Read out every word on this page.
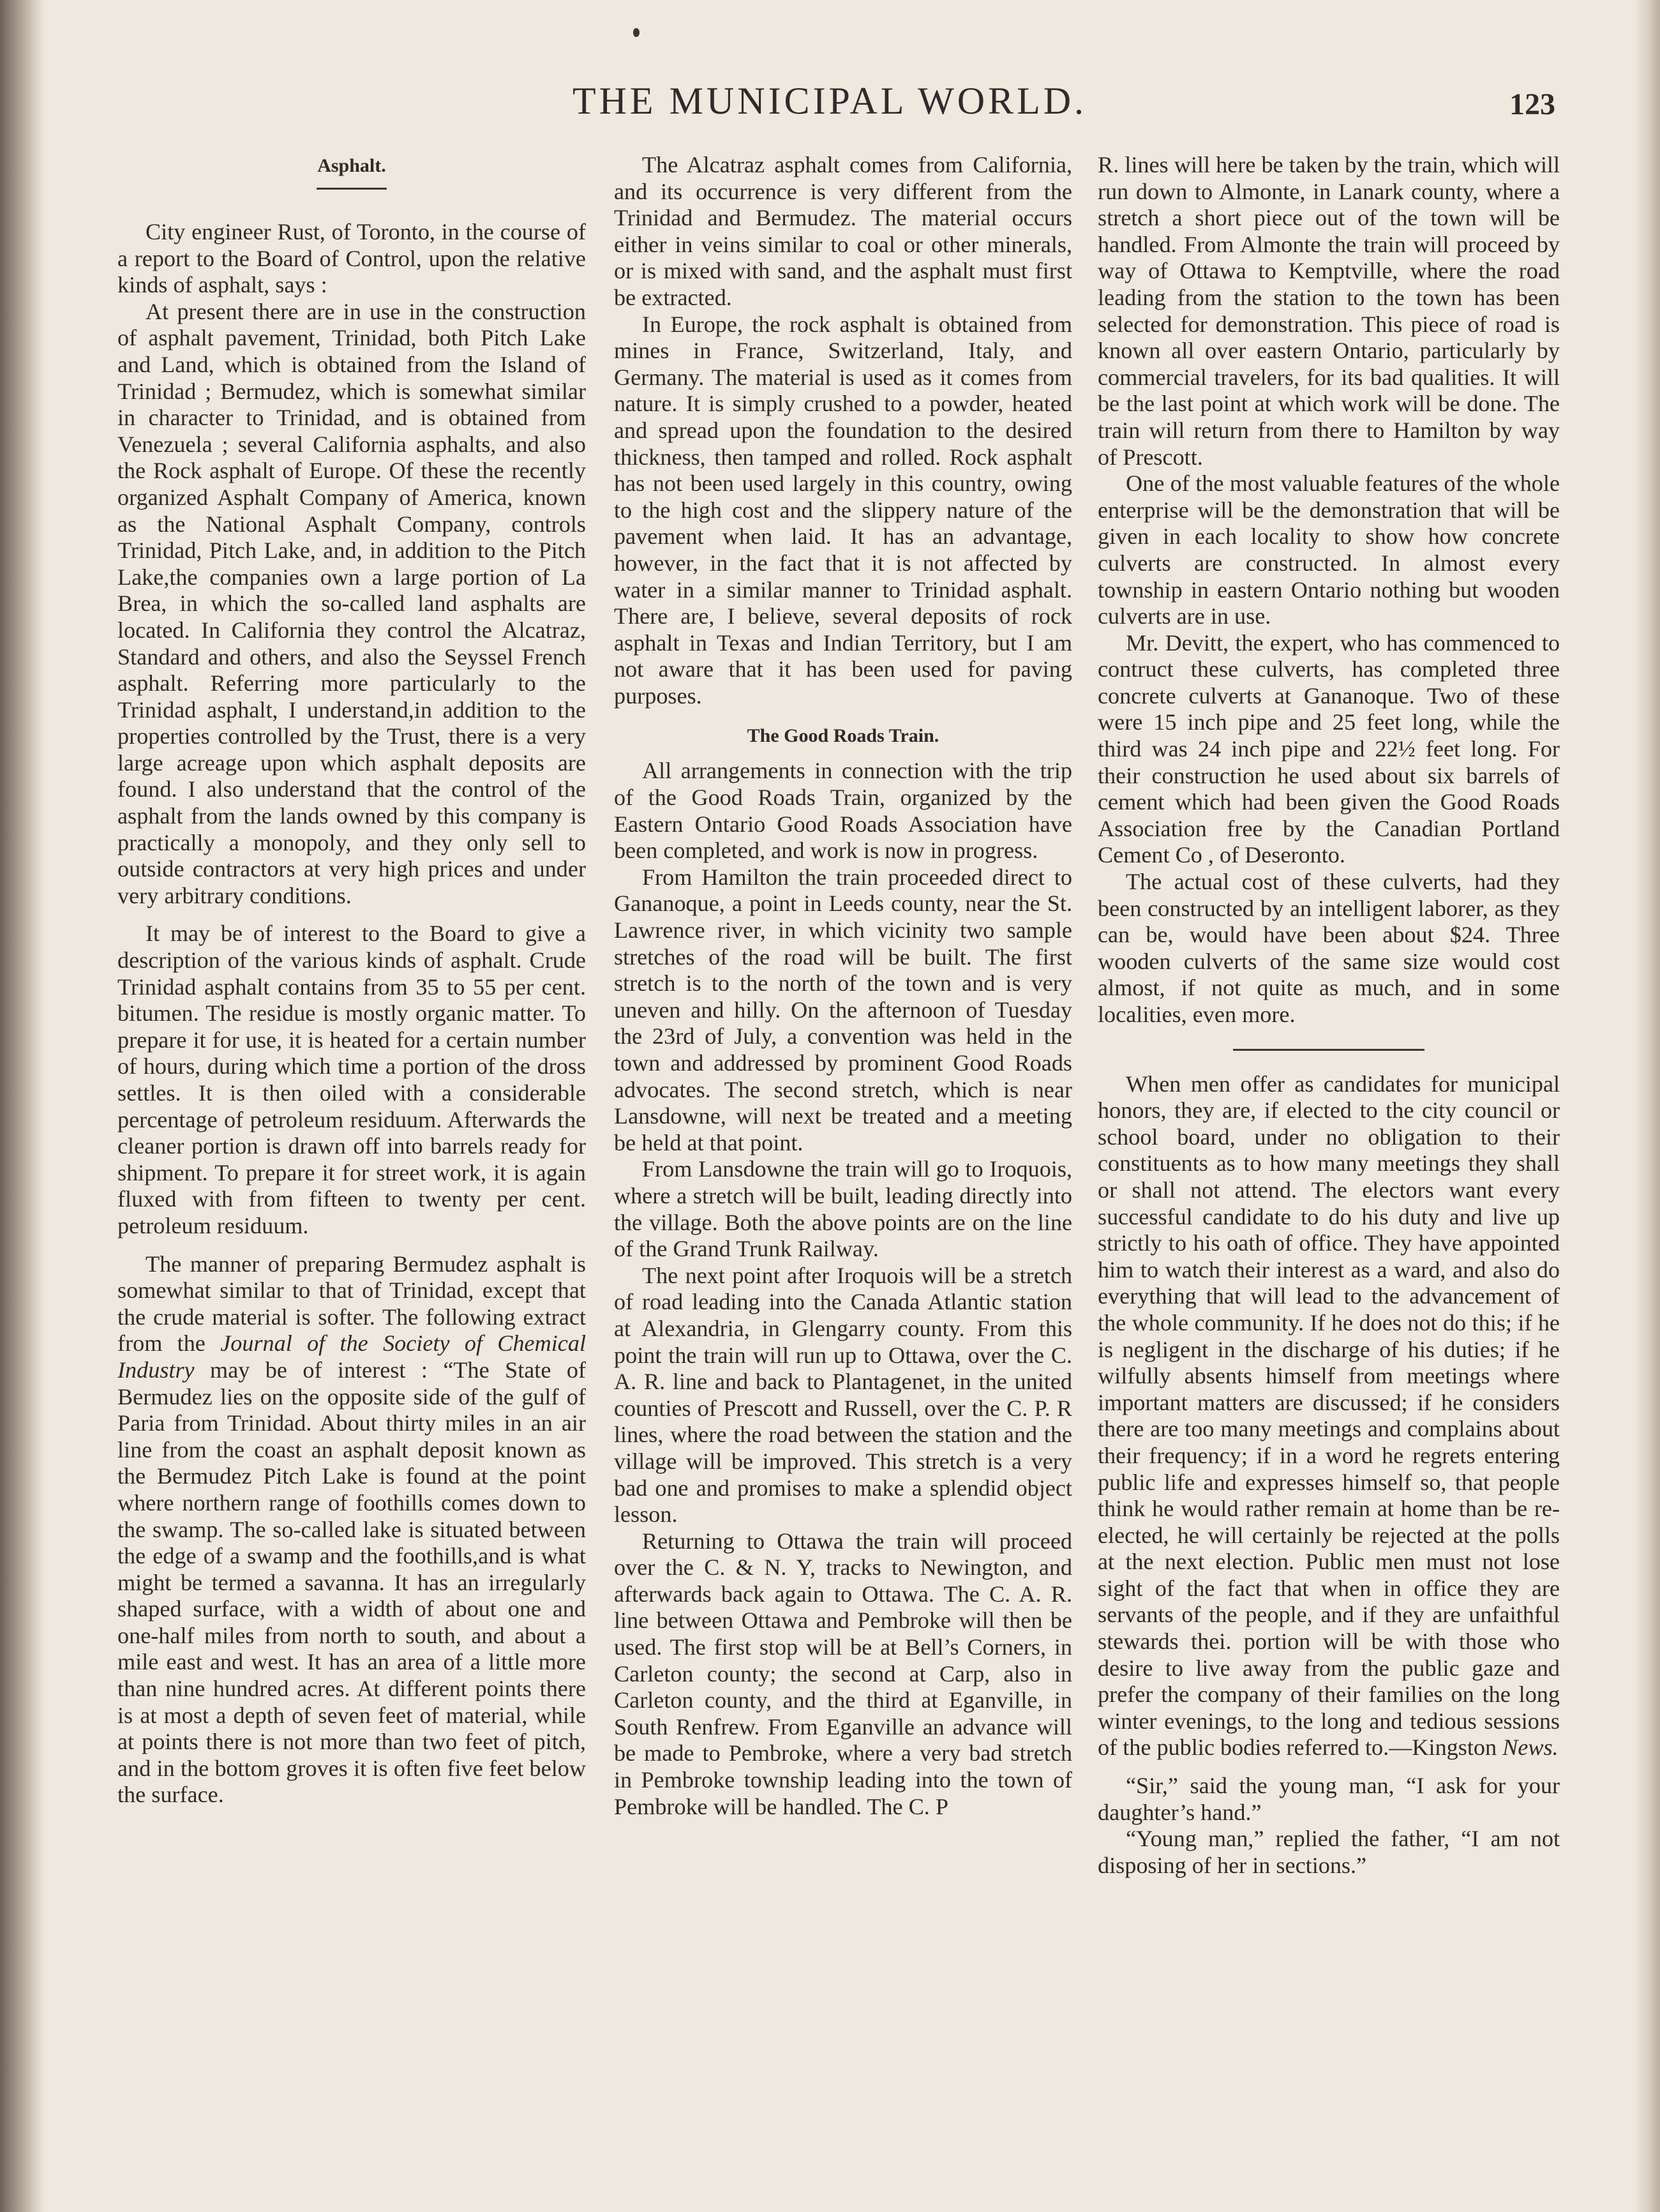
THE MUNICIPAL WORLD.	123
Asphalt.

City engineer Rust, of Toronto, in the course of a report to the Board of Control, upon the relative kinds of asphalt, says :

At present there are in use in the construction of asphalt pavement, Trinidad, both Pitch Lake and Land, which is obtained from the Island of Trinidad ; Bermudez, which is somewhat similar in character to Trinidad, and is obtained from Venezuela ; several California asphalts, and also the Rock asphalt of Europe. Of these the recently organized Asphalt Company of America, known as the National Asphalt Company, controls Trinidad, Pitch Lake, and, in addition to the Pitch Lake,the companies own a large portion of La Brea, in which the so-called land asphalts are located. In California they control the Alcatraz, Standard and others, and also the Seyssel French asphalt. Referring more particularly to the Trinidad asphalt, I understand,in addition to the properties controlled by the Trust, there is a very large acreage upon which asphalt deposits are found. I also understand that the control of the asphalt from the lands owned by this company is practically a monopoly, and they only sell to outside contractors at very high prices and under very arbitrary conditions.

It may be of interest to the Board to give a description of the various kinds of asphalt. Crude Trinidad asphalt contains from 35 to 55 per cent. bitumen. The residue is mostly organic matter. To prepare it for use, it is heated for a certain number of hours, during which time a portion of the dross settles. It is then oiled with a considerable percentage of petroleum residuum. Afterwards the cleaner portion is drawn off into barrels ready for shipment. To prepare it for street work, it is again fluxed with from fifteen to twenty per cent. petroleum residuum.

The manner of preparing Bermudez asphalt is somewhat similar to that of Trinidad, except that the crude material is softer. The following extract from the Journal of the Society of Chemical Industry may be of interest : “The State of Bermudez lies on the opposite side of the gulf of Paria from Trinidad. About thirty miles in an air line from the coast an asphalt deposit known as the Bermudez Pitch Lake is found at the point where northern range of foothills comes down to the swamp. The so-called lake is situated between the edge of a swamp and the foothills,and is what might be termed a savanna. It has an irregularly shaped surface, with a width of about one and one-half miles from north to south, and about a mile east and west. It has an area of a little more than nine hundred acres. At different points there is at most a depth of seven feet of material, while at points there is not more than two feet of pitch, and in the bottom groves it is often five feet below the surface.

The Alcatraz asphalt comes from California, and its occurrence is very different from the Trinidad and Bermudez. The material occurs either in veins similar to coal or other minerals, or is mixed with sand, and the asphalt must first be extracted.

In Europe, the rock asphalt is obtained from mines in France, Switzerland, Italy, and Germany. The material is used as it comes from nature. It is simply crushed to a powder, heated and spread upon the foundation to the desired thickness, then tamped and rolled. Rock asphalt has not been used largely in this country, owing to the high cost and the slippery nature of the pavement when laid. It has an advantage, however, in the fact that it is not affected by water in a similar manner to Trinidad asphalt. There are, I believe, several deposits of rock asphalt in Texas and Indian Territory, but I am not aware that it has been used for paving purposes.

The Good Roads Train.

All arrangements in connection with the trip of the Good Roads Train, organized by the Eastern Ontario Good Roads Association have been completed, and work is now in progress.

From Hamilton the train proceeded direct to Gananoque, a point in Leeds county, near the St. Lawrence river, in which vicinity two sample stretches of the road will be built. The first stretch is to the north of the town and is very uneven and hilly. On the afternoon of Tuesday the 23rd of July, a convention was held in the town and addressed by prominent Good Roads advocates. The second stretch, which is near Lansdowne, will next be treated and a meeting be held at that point.

From Lansdowne the train will go to Iroquois, where a stretch will be built, leading directly into the village. Both the above points are on the line of the Grand Trunk Railway.

The next point after Iroquois will be a stretch of road leading into the Canada Atlantic station at Alexandria, in Glengarry county. From this point the train will run up to Ottawa, over the C. A. R. line and back to Plantagenet, in the united counties of Prescott and Russell, over the C. P. R lines, where the road between the station and the village will be improved. This stretch is a very bad one and promises to make a splendid object lesson.

Returning to Ottawa the train will proceed over the C. & N. Y, tracks to Newington, and afterwards back again to Ottawa. The C. A. R. line between Ottawa and Pembroke will then be used. The first stop will be at Bell’s Corners, in Carleton county; the second at Carp, also in Carleton county, and the third at Eganville, in South Renfrew. From Eganville an advance will be made to Pembroke, where a very bad stretch in Pembroke township leading into the town of Pembroke will be handled. The C. P

R. lines will here be taken by the train, which will run down to Almonte, in Lanark county, where a stretch a short piece out of the town will be handled. From Almonte the train will proceed by way of Ottawa to Kemptville, where the road leading from the station to the town has been selected for demonstration. This piece of road is known all over eastern Ontario, particularly by commercial travelers, for its bad qualities. It will be the last point at which work will be done. The train will return from there to Hamilton by way of Prescott.

One of the most valuable features of the whole enterprise will be the demonstration that will be given in each locality to show how concrete culverts are constructed. In almost every township in eastern Ontario nothing but wooden culverts are in use.

Mr. Devitt, the expert, who has commenced to contruct these culverts, has completed three concrete culverts at Gananoque. Two of these were 15 inch pipe and 25 feet long, while the third was 24 inch pipe and 22½ feet long. For their construction he used about six barrels of cement which had been given the Good Roads Association free by the Canadian Portland Cement Co , of Deseronto.

The actual cost of these culverts, had they been constructed by an intelligent laborer, as they can be, would have been about $24. Three wooden culverts of the same size would cost almost, if not quite as much, and in some localities, even more.

When men offer as candidates for municipal honors, they are, if elected to the city council or school board, under no obligation to their constituents as to how many meetings they shall or shall not attend. The electors want every successful candidate to do his duty and live up strictly to his oath of office. They have appointed him to watch their interest as a ward, and also do everything that will lead to the advancement of the whole community. If he does not do this; if he is negligent in the discharge of his duties; if he wilfully absents himself from meetings where important matters are discussed; if he considers there are too many meetings and complains about their frequency; if in a word he regrets entering public life and expresses himself so, that people think he would rather remain at home than be re-elected, he will certainly be rejected at the polls at the next election. Public men must not lose sight of the fact that when in office they are servants of the people, and if they are unfaithful stewards thei. portion will be with those who desire to live away from the public gaze and prefer the company of their families on the long winter evenings, to the long and tedious sessions of the public bodies referred to.—Kingston News.

“Sir,” said the young man, “I ask for your daughter’s hand.”

“Young man,” replied the father, “I am not disposing of her in sections.”
